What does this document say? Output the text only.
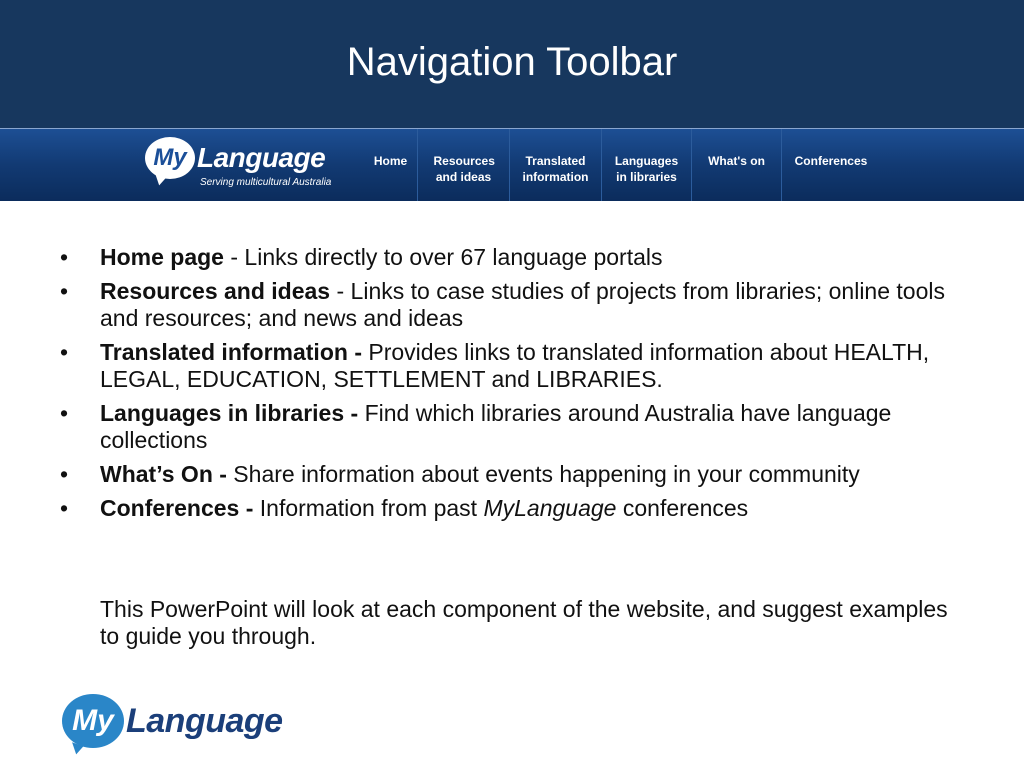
Navigation Toolbar
My Language
Serving multicultural Australia
Home Resources and ideas
Translated information
Languages in libraries
What's on Conferences
• Home page - Links directly to over 67 language portals
• Resources and ideas - Links to case studies of projects from libraries; online tools and resources; and news and ideas
• Translated information - Provides links to translated information about HEALTH, LEGAL, EDUCATION, SETTLEMENT and LIBRARIES.
• Languages in libraries - Find which libraries around Australia have language collections
• What’s On - Share information about events happening in your community
• Conferences - Information from past MyLanguage conferences
This PowerPoint will look at each component of the website, and suggest examples to guide you through.
My Language
